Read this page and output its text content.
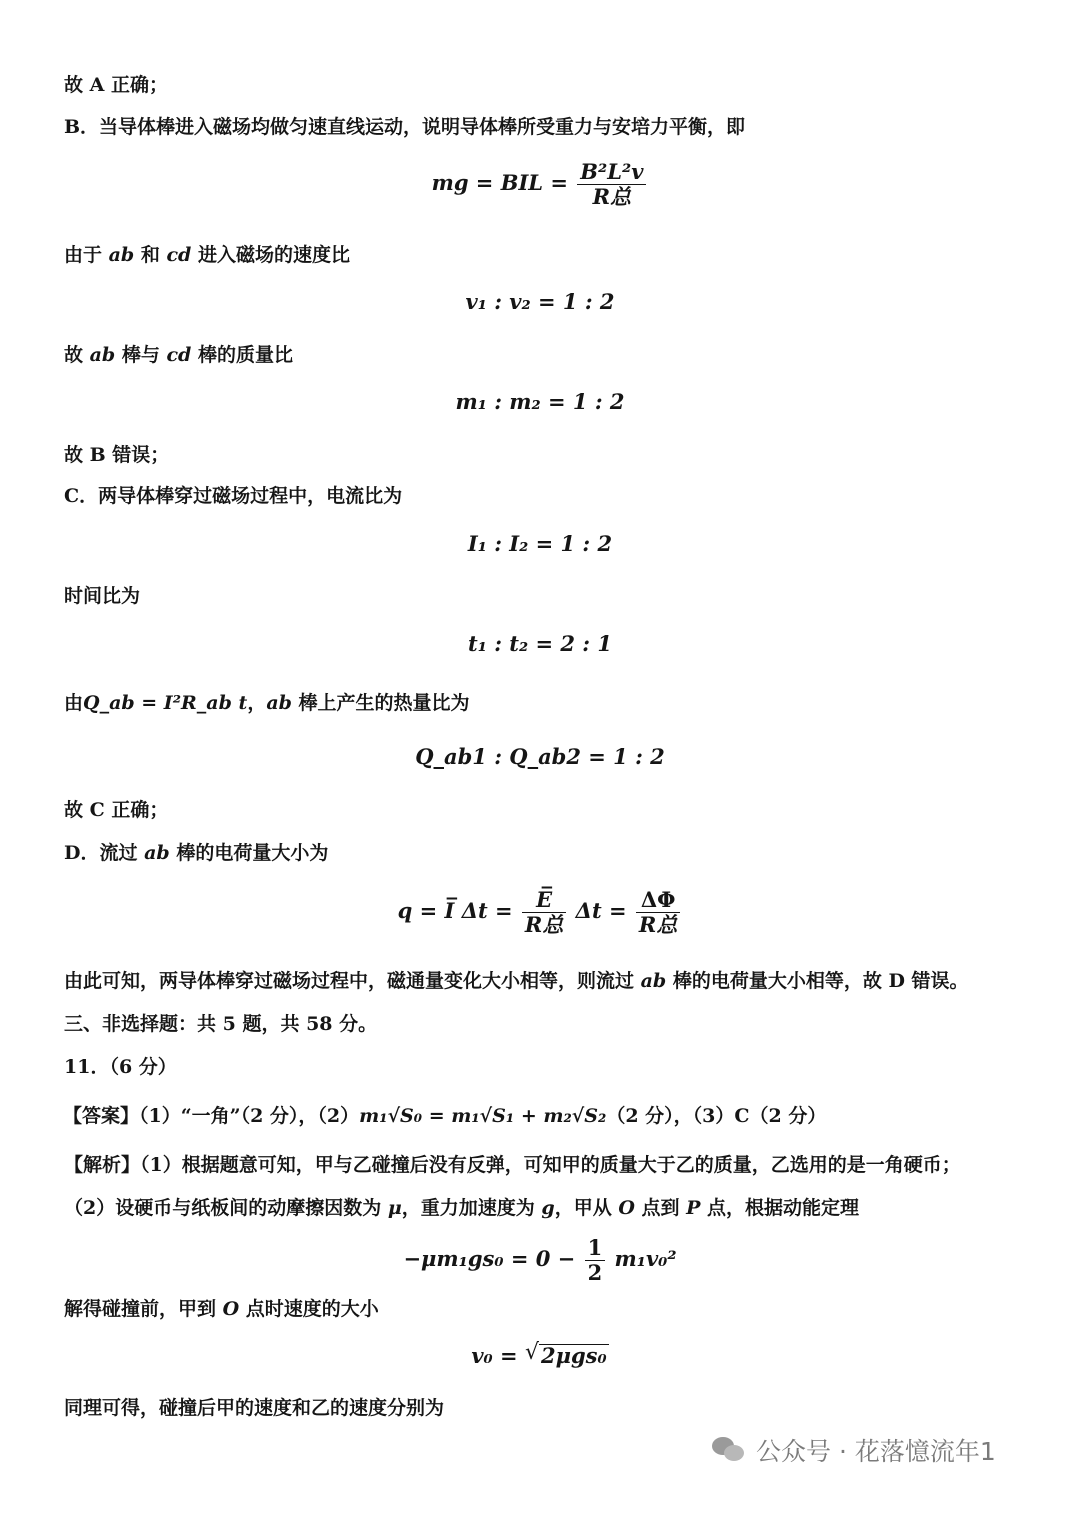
故 A 正确；
B．当导体棒进入磁场均做匀速直线运动，说明导体棒所受重力与安培力平衡，即
mg = BIL = $\frac{\text{B²L²v}}{\text{R总}}$
由于 ab 和 cd 进入磁场的速度比
v₁ : v₂ = 1 : 2
故 ab 棒与 cd 棒的质量比
m₁ : m₂ = 1 : 2
故 B 错误；
C．两导体棒穿过磁场过程中，电流比为
I₁ : I₂ = 1 : 2
时间比为
t₁ : t₂ = 2 : 1
由Q_ab = I²R_ab t，ab 棒上产生的热量比为
Q_ab1 : Q_ab2 = 1 : 2
故 C 正确；
D．流过 ab 棒的电荷量大小为
q = I̅ $\Delta t = \frac{E̅}{\text{R总}}$ $\Delta t = \frac{\Delta\Phi}{\text{R总}}$
由此可知，两导体棒穿过磁场过程中，磁通量变化大小相等，则流过 ab 棒的电荷量大小相等，故 D 错误。
三、非选择题：共 5 题，共 58 分。
11．（6 分）
【答案】（1）“一角”（2 分），（2）m₁√S₀ = m₁√S₁ + m₂√S₂（2 分），（3）C（2 分）
【解析】（1）根据题意可知，甲与乙碰撞后没有反弹，可知甲的质量大于乙的质量，乙选用的是一角硬币；
（2）设硬币与纸板间的动摩擦因数为 μ，重力加速度为 g，甲从 O 点到 P 点，根据动能定理
$-\mu m_1gs_0 = 0 - \frac{1}{2} m_1v_0^2$
解得碰撞前，甲到 O 点时速度的大小
v₀ = √ 2μgs₀
同理可得，碰撞后甲的速度和乙的速度分别为
公众号 · 花落憶流年1
